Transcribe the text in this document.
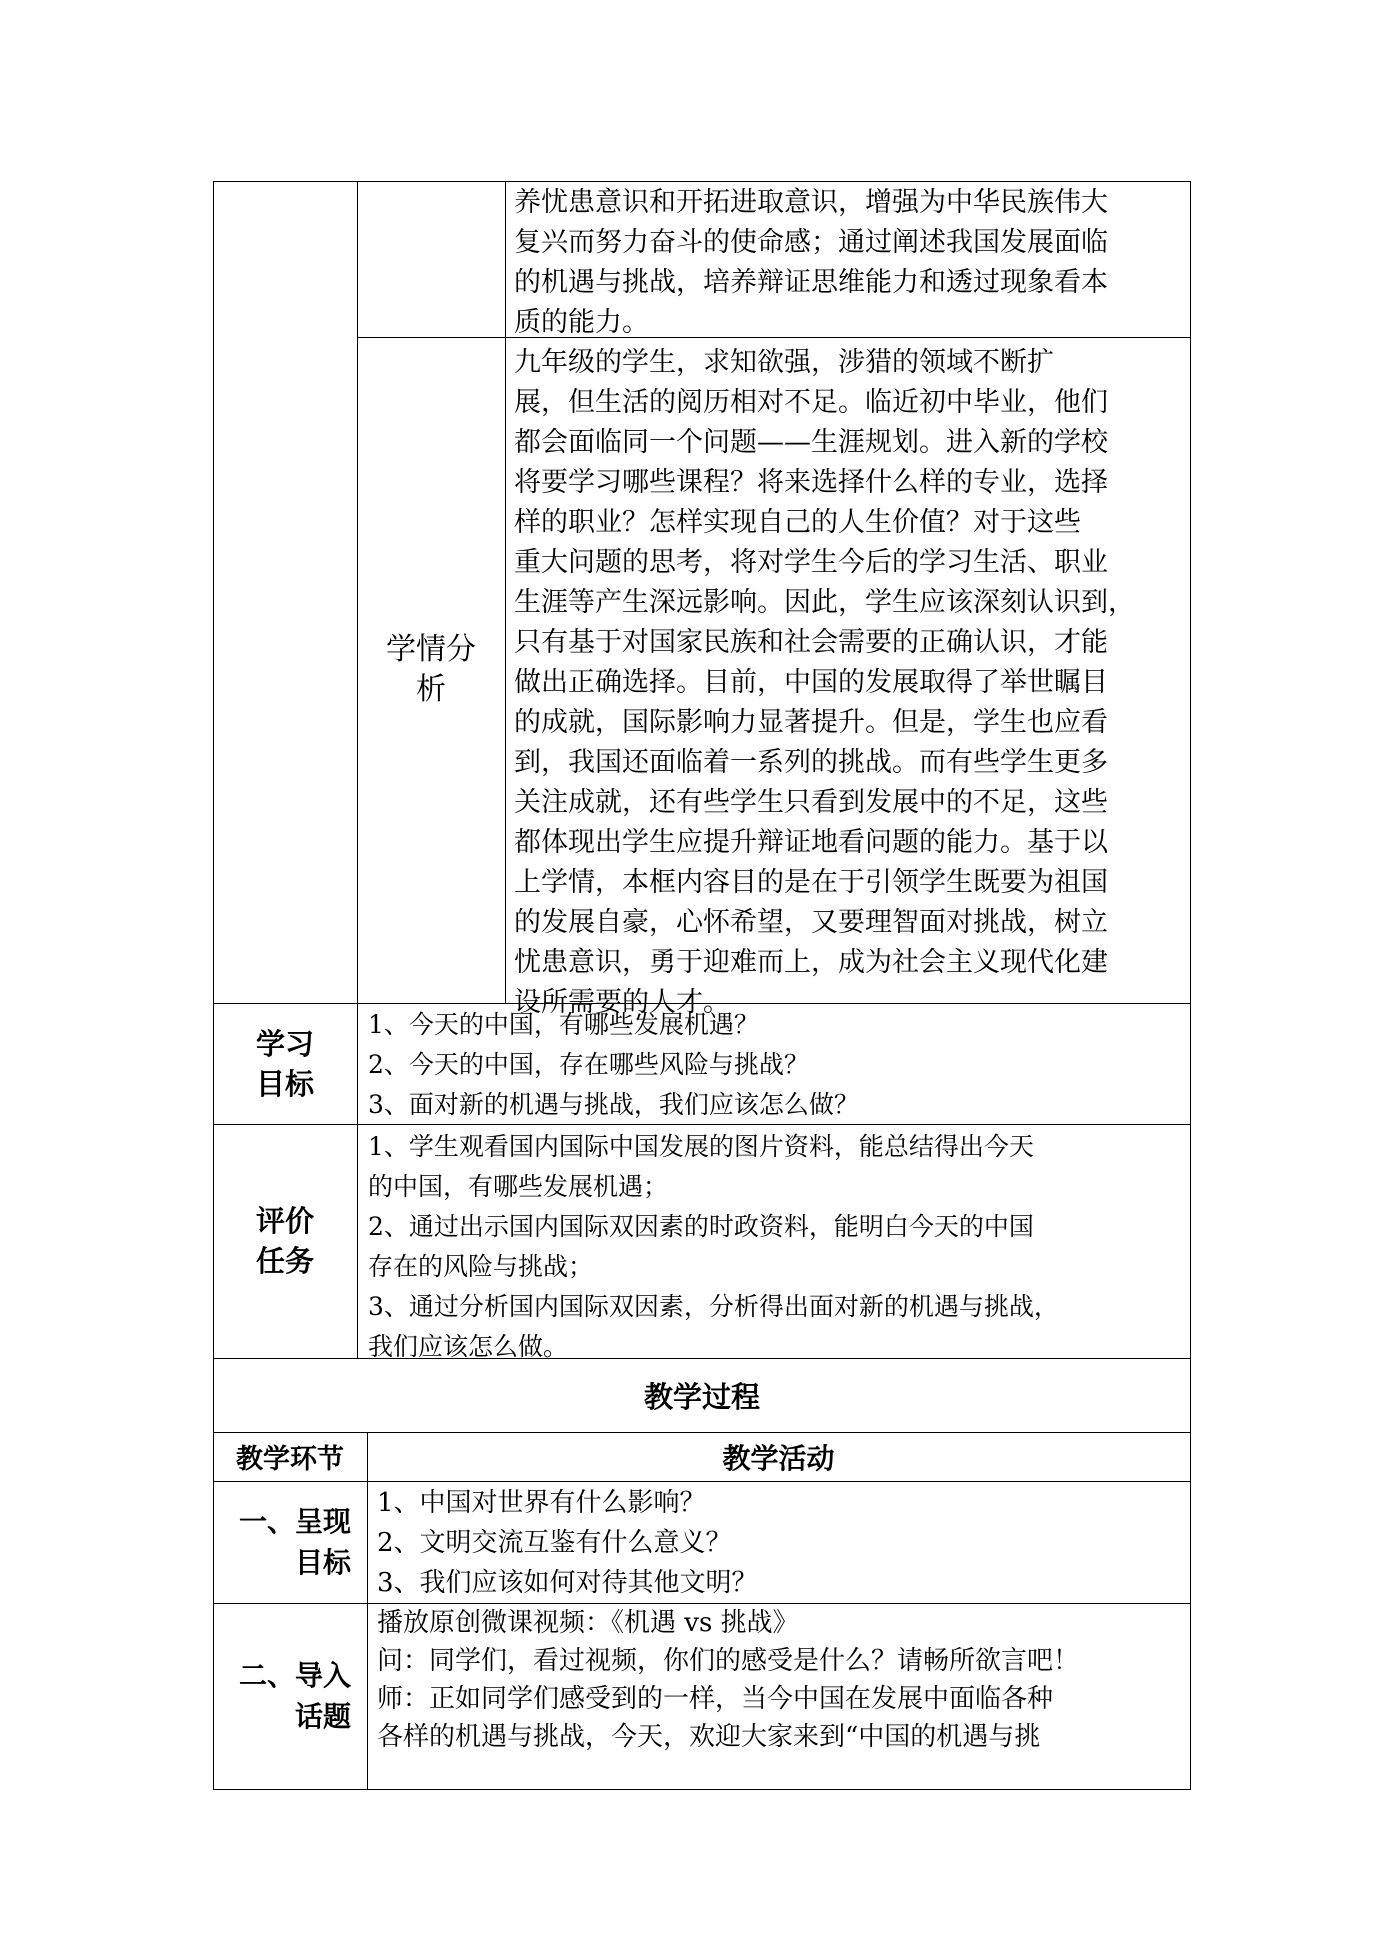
养忧患意识和开拓进取意识，增强为中华民族伟大
复兴而努力奋斗的使命感；通过阐述我国发展面临
的机遇与挑战，培养辩证思维能力和透过现象看本
质的能力。
学情分
析
九年级的学生，求知欲强，涉猎的领域不断扩
展，但生活的阅历相对不足。临近初中毕业，他们
都会面临同一个问题——生涯规划。进入新的学校
将要学习哪些课程？将来选择什么样的专业，选择
样的职业？怎样实现自己的人生价值？对于这些
重大问题的思考，将对学生今后的学习生活、职业
生涯等产生深远影响。因此，学生应该深刻认识到，
只有基于对国家民族和社会需要的正确认识，才能
做出正确选择。目前，中国的发展取得了举世瞩目
的成就，国际影响力显著提升。但是，学生也应看
到，我国还面临着一系列的挑战。而有些学生更多
关注成就，还有些学生只看到发展中的不足，这些
都体现出学生应提升辩证地看问题的能力。基于以
上学情，本框内容目的是在于引领学生既要为祖国
的发展自豪，心怀希望，又要理智面对挑战，树立
忧患意识，勇于迎难而上，成为社会主义现代化建
设所需要的人才。
学习
目标
1、今天的中国，有哪些发展机遇？
2、今天的中国，存在哪些风险与挑战？
3、面对新的机遇与挑战，我们应该怎么做？
评价
任务
1、学生观看国内国际中国发展的图片资料，能总结得出今天
的中国，有哪些发展机遇；
2、通过出示国内国际双因素的时政资料，能明白今天的中国
存在的风险与挑战；
3、通过分析国内国际双因素，分析得出面对新的机遇与挑战，
我们应该怎么做。
教学过程
教学环节	教学活动
一、呈现
目标
1、中国对世界有什么影响？
2、文明交流互鉴有什么意义？
3、我们应该如何对待其他文明？
二、导入
话题
播放原创微课视频：《机遇 vs 挑战》
问：同学们，看过视频，你们的感受是什么？请畅所欲言吧！
师：正如同学们感受到的一样，当今中国在发展中面临各种
各样的机遇与挑战，今天，欢迎大家来到“中国的机遇与挑
